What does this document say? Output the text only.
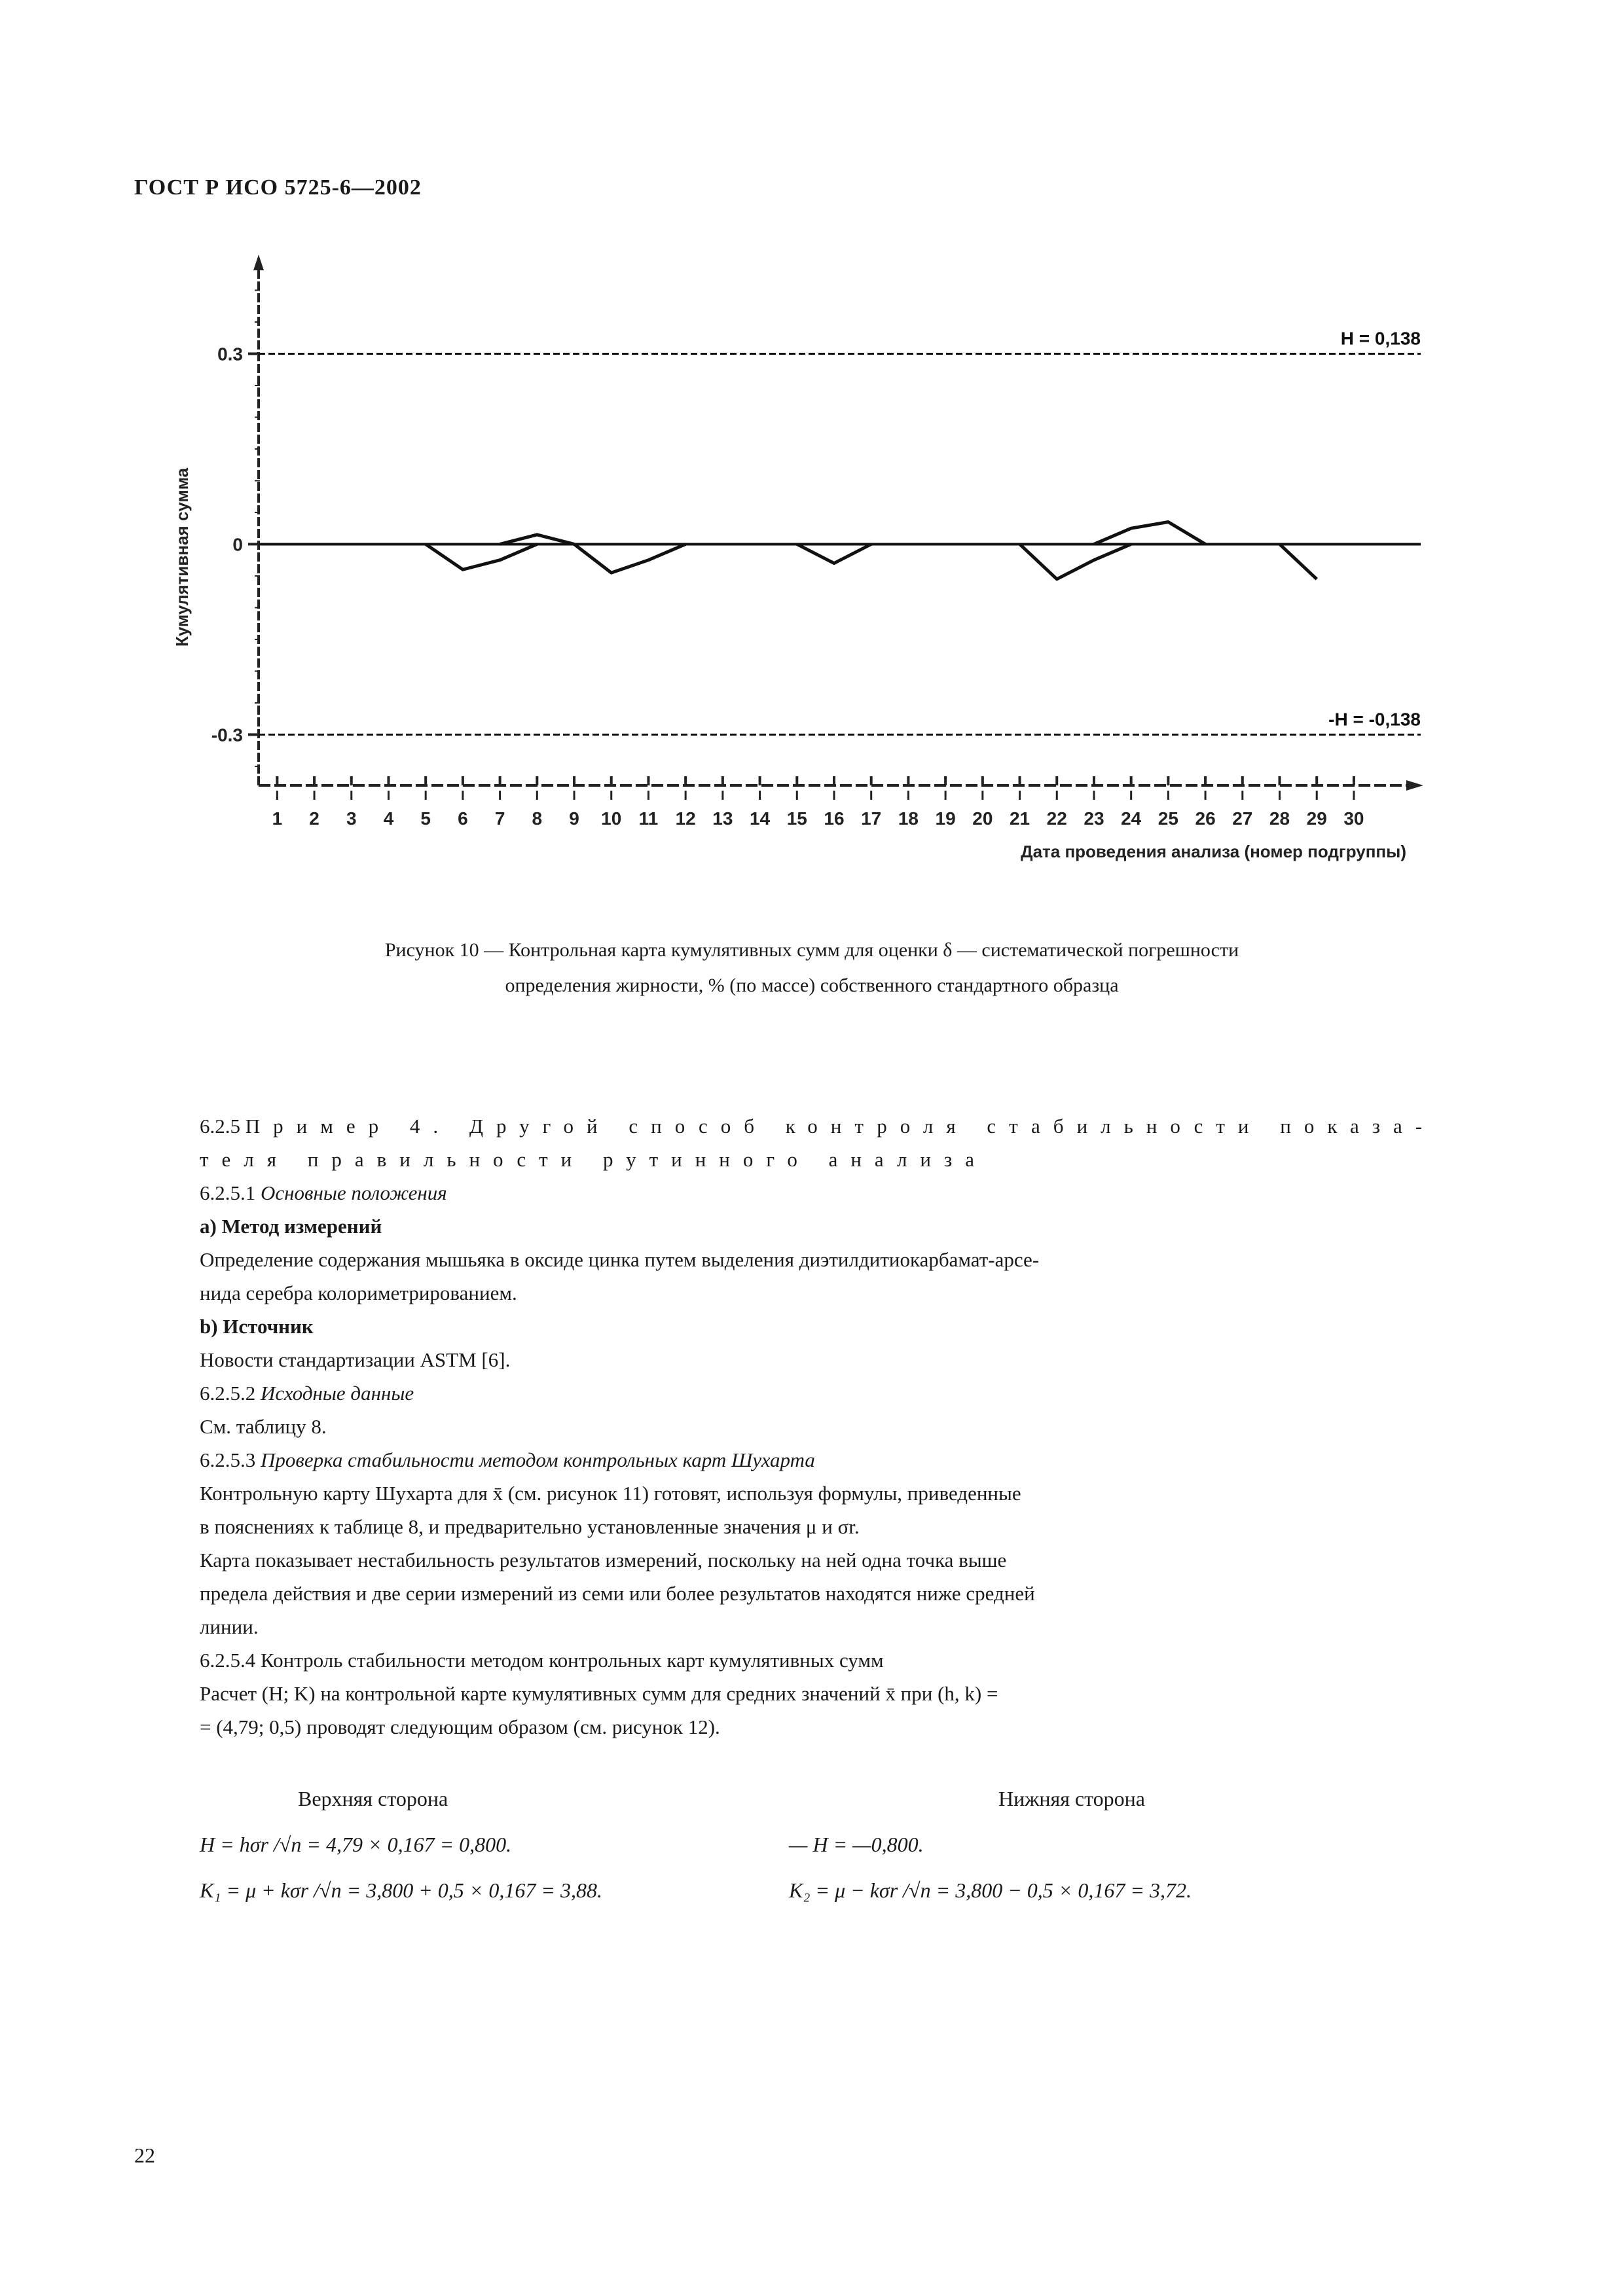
ГОСТ Р ИСО 5725-6—2002
Кумулятивная сумма
Дата проведения анализа (номер подгруппы)
H = 0,138
-H = -0,138
0.3
0
-0.3
1 2 3 4 5 6 7 8 9 10 11 12 13 14 15 16 17 18 19 20 21 22 23 24 25 26 27 28 29 30
Рисунок 10 — Контрольная карта кумулятивных сумм для оценки δ — систематической погрешности
определения жирности, % (по массе) собственного стандартного образца

6.2.5 Пример 4. Другой способ контроля стабильности показа-
теля правильности рутинного анализа

6.2.5.1 Основные положения

a) Метод измерений

Определение содержания мышьяка в оксиде цинка путем выделения диэтилдитиокарбамат-арсе-
нида серебра колориметрированием.

b) Источник

Новости стандартизации ASTM [6].

6.2.5.2 Исходные данные

См. таблицу 8.

6.2.5.3 Проверка стабильности методом контрольных карт Шухарта

Контрольную карту Шухарта для x̄ (см. рисунок 11) готовят, используя формулы, приведенные
в пояснениях к таблице 8, и предварительно установленные значения μ и σr.

Карта показывает нестабильность результатов измерений, поскольку на ней одна точка выше
предела действия и две серии измерений из семи или более результатов находятся ниже средней
линии.

6.2.5.4 Контроль стабильности методом контрольных карт кумулятивных сумм

Расчет (H; K) на контрольной карте кумулятивных сумм для средних значений x̄ при (h, k) =
= (4,79; 0,5) проводят следующим образом (см. рисунок 12).

Верхняя сторона	Нижняя сторона
H = hσr /√n = 4,79 × 0,167 = 0,800.	— H = —0,800.
K₁ = μ + kσr /√n = 3,800 + 0,5 × 0,167 = 3,88.	K₂ = μ − kσr /√n = 3,800 − 0,5 × 0,167 = 3,72.
22
